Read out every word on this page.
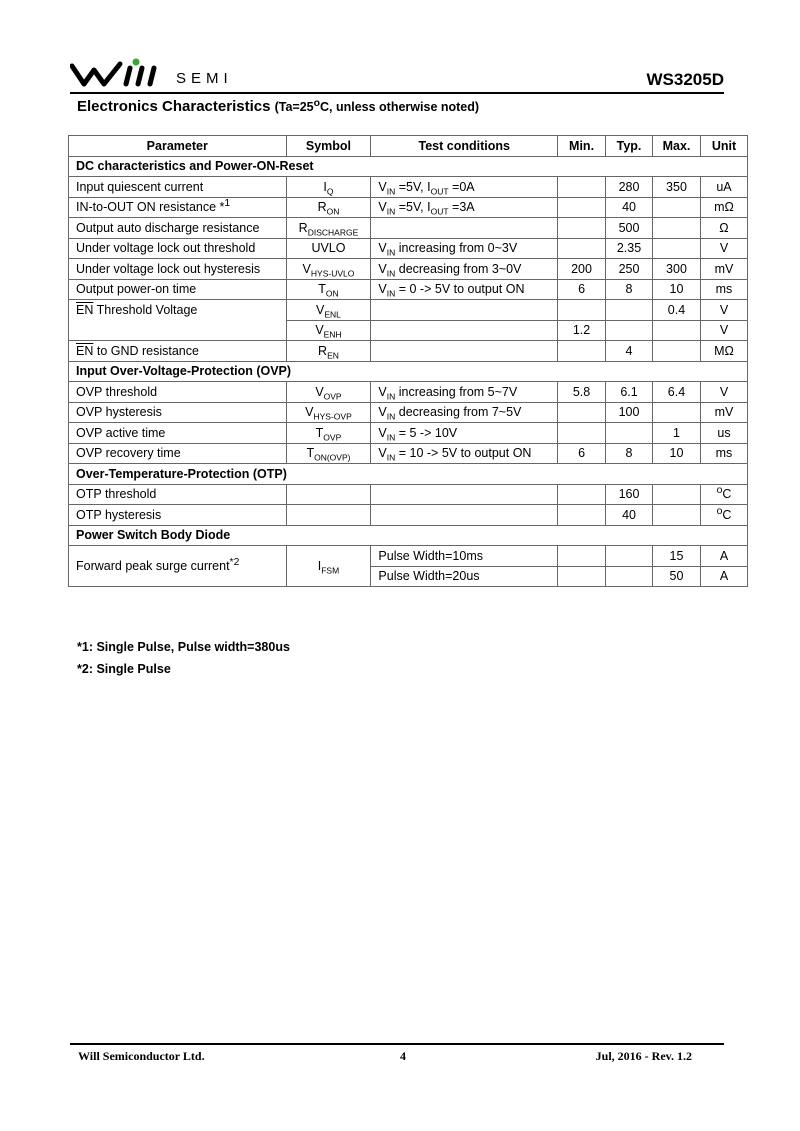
SEMI	WS3205D
Electronics Characteristics ($Ta=25^oC$, unless otherwise noted)
Parameter	Symbol	Test conditions	Min.	Typ.	Max.	Unit
DC characteristics and Power-ON-Reset						
Input quiescent current	$I_Q$	$V_{IN} =5V$, $I_{OUT} =0A$		280	350	uA
IN-to-OUT ON resistance *$^1$	$R_{ON}$	$V_{IN} =5V$, $I_{OUT} =3A$		40		mΩ
Output auto discharge resistance	$R_{DISCHARGE}$			500		Ω
Under voltage lock out threshold	UVLO	$V_{IN}$ increasing from 0~3V		2.35		V
Under voltage lock out hysteresis	$V_{HYS-UVLO}$	$V_{IN}$ decreasing from 3~0V	200	250	300	mV
Output power-on time	$T_{ON}$	$V_{IN} = 0 -> 5V$ to output ON	6	8	10	ms
$\overline{EN}$ Threshold Voltage	$V_{ENL}$				0.4	V
	$V_{ENH}$		1.2			V
$\overline{EN}$ to GND resistance	$R_{EN}$			4		MΩ
Input Over-Voltage-Protection (OVP)						
OVP threshold	$V_{OVP}$	$V_{IN}$ increasing from 5~7V	5.8	6.1	6.4	V
OVP hysteresis	$V_{HYS-OVP}$	$V_{IN}$ decreasing from 7~5V		100		mV
OVP active time	$T_{OVP}$	$V_{IN} = 5 -> 10V$			1	us
OVP recovery time	$T_{ON(OVP)}$	$V_{IN} = 10 -> 5V$ to output ON	6	8	10	ms
Over-Temperature-Protection (OTP)						
OTP threshold				160		$^o$C
OTP hysteresis				40		$^o$C
Power Switch Body Diode						
Forward peak surge current$^{*2}$	$I_{FSM}$	Pulse Width=10ms			15	A
		Pulse Width=20us			50	A
*1: Single Pulse, Pulse width=380us
*2: Single Pulse
Will Semiconductor Ltd.	4	Jul, 2016 - Rev. 1.2
